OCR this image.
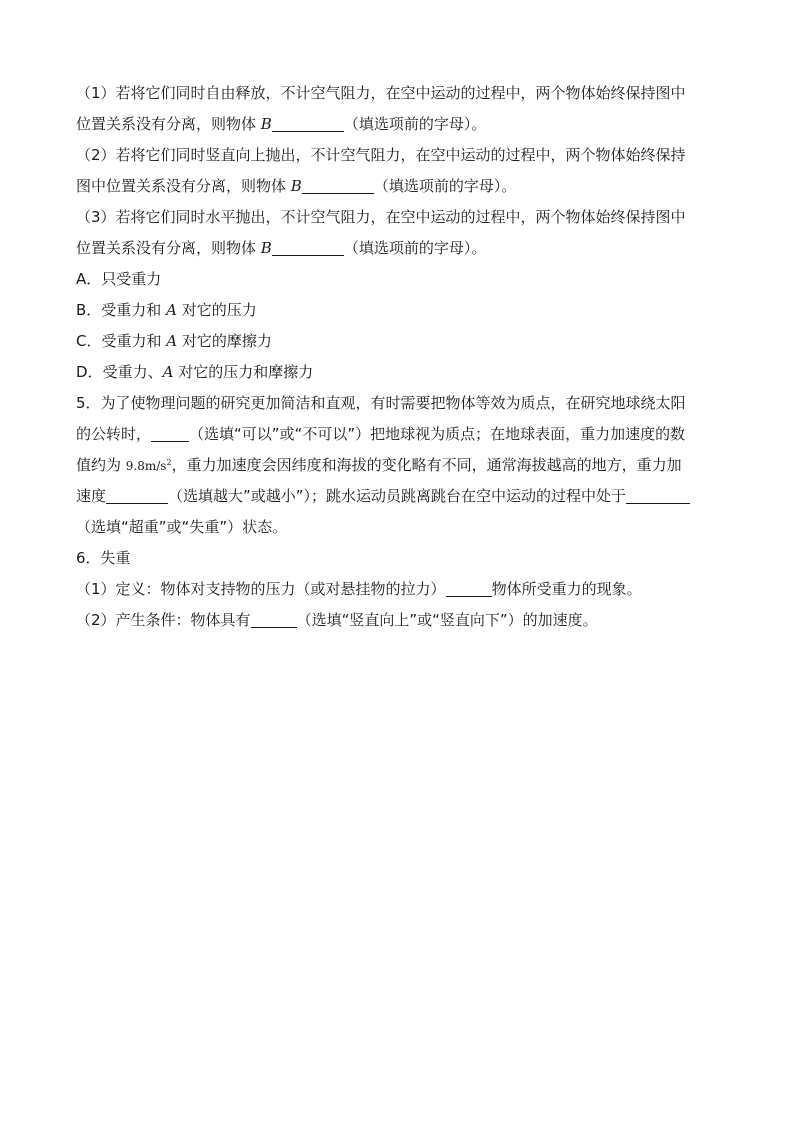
（1）若将它们同时自由释放，不计空气阻力，在空中运动的过程中，两个物体始终保持图中
位置关系没有分离，则物体 B	（填选项前的字母）。
（2）若将它们同时竖直向上抛出，不计空气阻力，在空中运动的过程中，两个物体始终保持
图中位置关系没有分离，则物体 B	（填选项前的字母）。
（3）若将它们同时水平抛出，不计空气阻力，在空中运动的过程中，两个物体始终保持图中
位置关系没有分离，则物体 B	（填选项前的字母）。
A．只受重力
B．受重力和 A 对它的压力
C．受重力和 A 对它的摩擦力
D．受重力、A 对它的压力和摩擦力
5．为了使物理问题的研究更加简洁和直观，有时需要把物体等效为质点，在研究地球绕太阳
的公转时，	（选填“可以”或“不可以”）把地球视为质点；在地球表面，重力加速度的数
值约为 $9.8m/s^2$，重力加速度会因纬度和海拔的变化略有不同，通常海拔越高的地方，重力加
速度	（选填越大”或越小”）；跳水运动员跳离跳台在空中运动的过程中处于
（选填“超重”或“失重”）状态。
6．失重
（1）定义：物体对支持物的压力（或对悬挂物的拉力）	物体所受重力的现象。
（2）产生条件：物体具有	（选填“竖直向上”或“竖直向下”）的加速度。
